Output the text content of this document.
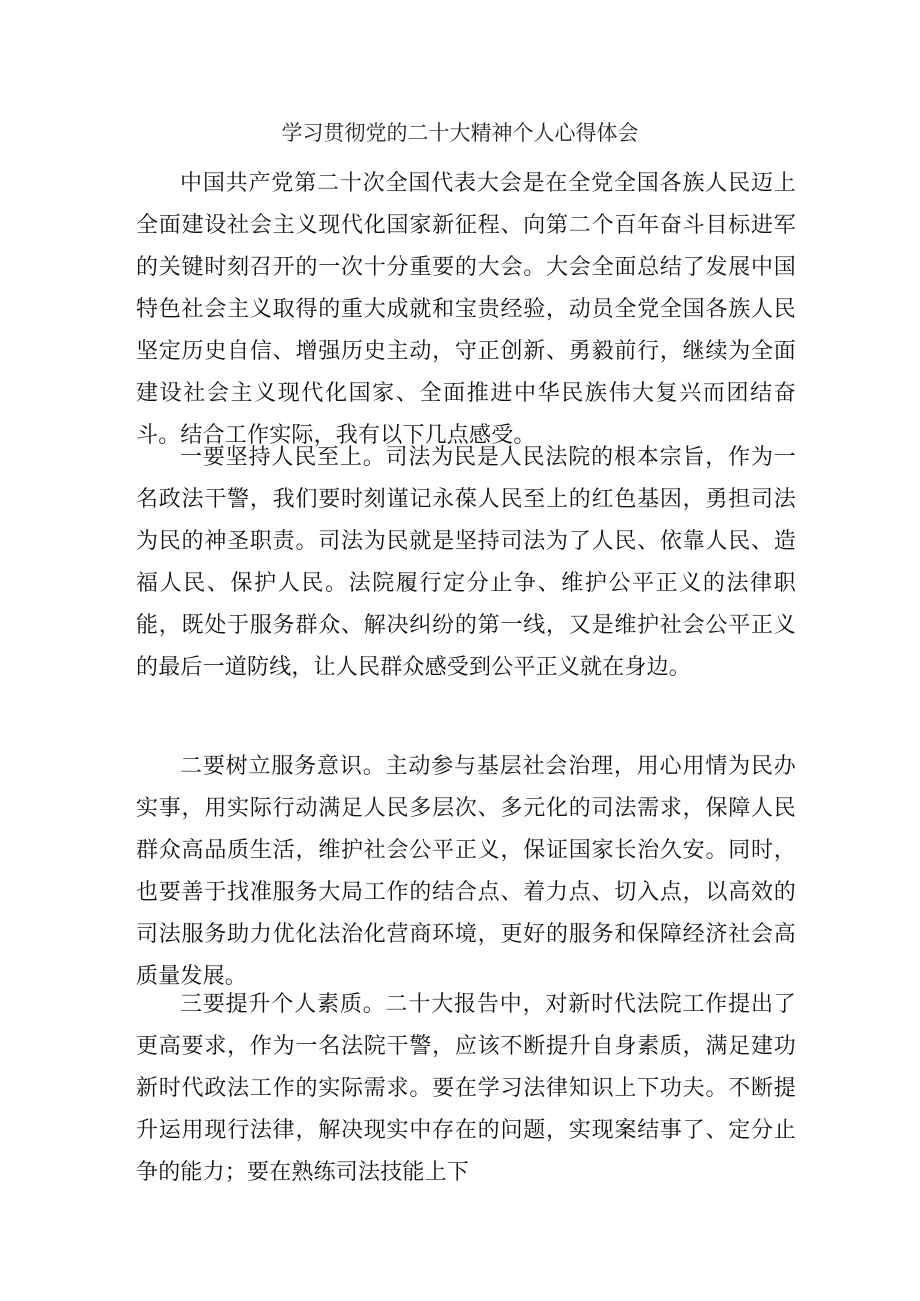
学习贯彻党的二十大精神个人心得体会

中国共产党第二十次全国代表大会是在全党全国各族人民迈上全面建设社会主义现代化国家新征程、向第二个百年奋斗目标进军的关键时刻召开的一次十分重要的大会。大会全面总结了发展中国特色社会主义取得的重大成就和宝贵经验，动员全党全国各族人民坚定历史自信、增强历史主动，守正创新、勇毅前行，继续为全面建设社会主义现代化国家、全面推进中华民族伟大复兴而团结奋斗。结合工作实际，我有以下几点感受。

一要坚持人民至上。司法为民是人民法院的根本宗旨，作为一名政法干警，我们要时刻谨记永葆人民至上的红色基因，勇担司法为民的神圣职责。司法为民就是坚持司法为了人民、依靠人民、造福人民、保护人民。法院履行定分止争、维护公平正义的法律职能，既处于服务群众、解决纠纷的第一线，又是维护社会公平正义的最后一道防线，让人民群众感受到公平正义就在身边。

二要树立服务意识。主动参与基层社会治理，用心用情为民办实事，用实际行动满足人民多层次、多元化的司法需求，保障人民群众高品质生活，维护社会公平正义，保证国家长治久安。同时，也要善于找准服务大局工作的结合点、着力点、切入点，以高效的司法服务助力优化法治化营商环境，更好的服务和保障经济社会高质量发展。

三要提升个人素质。二十大报告中，对新时代法院工作提出了更高要求，作为一名法院干警，应该不断提升自身素质，满足建功新时代政法工作的实际需求。要在学习法律知识上下功夫。不断提升运用现行法律，解决现实中存在的问题，实现案结事了、定分止争的能力；要在熟练司法技能上下
